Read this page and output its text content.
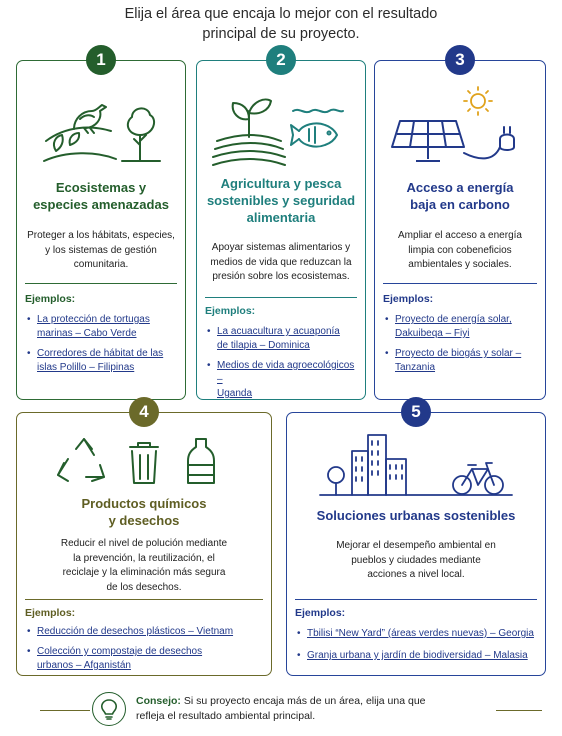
Elija el área que encaja lo mejor con el resultado
principal de su proyecto.
1
Ecosistemas y
especies amenazadas
Proteger a los hábitats, especies,
y los sistemas de gestión
comunitaria.
Ejemplos:
• La protección de tortugas
marinas – Cabo Verde
• Corredores de hábitat de las
islas Polillo – Filipinas
2
Agricultura y pesca
sostenibles y seguridad
alimentaria
Apoyar sistemas alimentarios y
medios de vida que reduzcan la
presión sobre los ecosistemas.
Ejemplos:
• La acuacultura y acuaponía
de tilapia – Dominica
• Medios de vida agroecológicos –
Uganda
3
Acceso a energía
baja en carbono
Ampliar el acceso a energía
limpia con cobeneficios
ambientales y sociales.
Ejemplos:
• Proyecto de energía solar,
Dakuibeqa – Fiyi
• Proyecto de biogás y solar –
Tanzania
4
Productos químicos
y desechos
Reducir el nivel de polución mediante
la prevención, la reutilización, el
reciclaje y la eliminación más segura
de los desechos.
Ejemplos:
• Reducción de desechos plásticos – Vietnam
• Colección y compostaje de desechos
urbanos – Afganistán
5
Soluciones urbanas sostenibles
Mejorar el desempeño ambiental en
pueblos y ciudades mediante
acciones a nivel local.
Ejemplos:
• Tbilisi “New Yard” (áreas verdes nuevas) – Georgia
• Granja urbana y jardín de biodiversidad – Malasia
Consejo: Si su proyecto encaja más de un área, elija una que
refleja el resultado ambiental principal.
